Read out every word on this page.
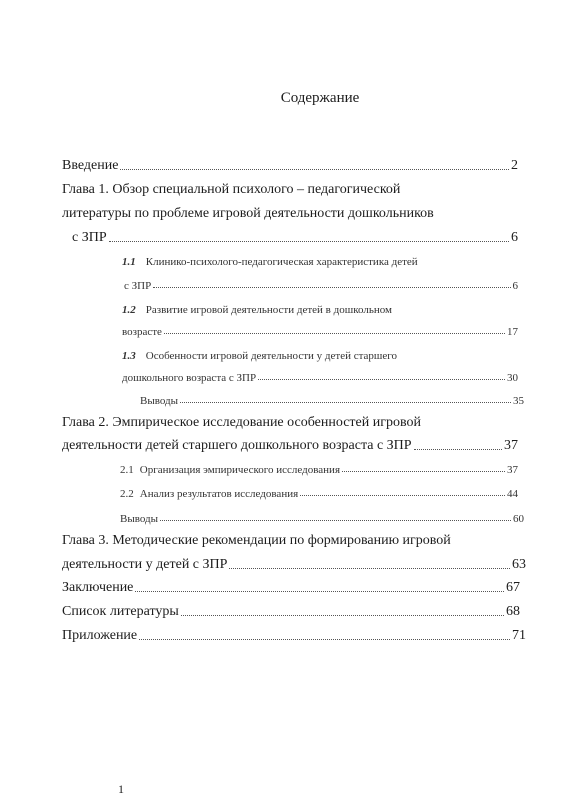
Содержание
Введение	2
Глава 1. Обзор специальной психолого – педагогической
литературы по проблеме игровой деятельности дошкольников
с ЗПР	6
1.1 Клинико-психолого-педагогическая характеристика детей
с ЗПР	6
1.2 Развитие игровой деятельности детей в дошкольном
возрасте	17
1.3 Особенности игровой деятельности у детей старшего
дошкольного возраста с ЗПР	30
Выводы	35
Глава 2. Эмпирическое исследование особенностей игровой
деятельности детей старшего дошкольного возраста с ЗПР	37
2.1 Организация эмпирического исследования	37
2.2 Анализ результатов исследования	44
Выводы	60
Глава 3. Методические рекомендации по формированию игровой
деятельности у детей с ЗПР	63
Заключение	67
Список литературы	68
Приложение	71
1
